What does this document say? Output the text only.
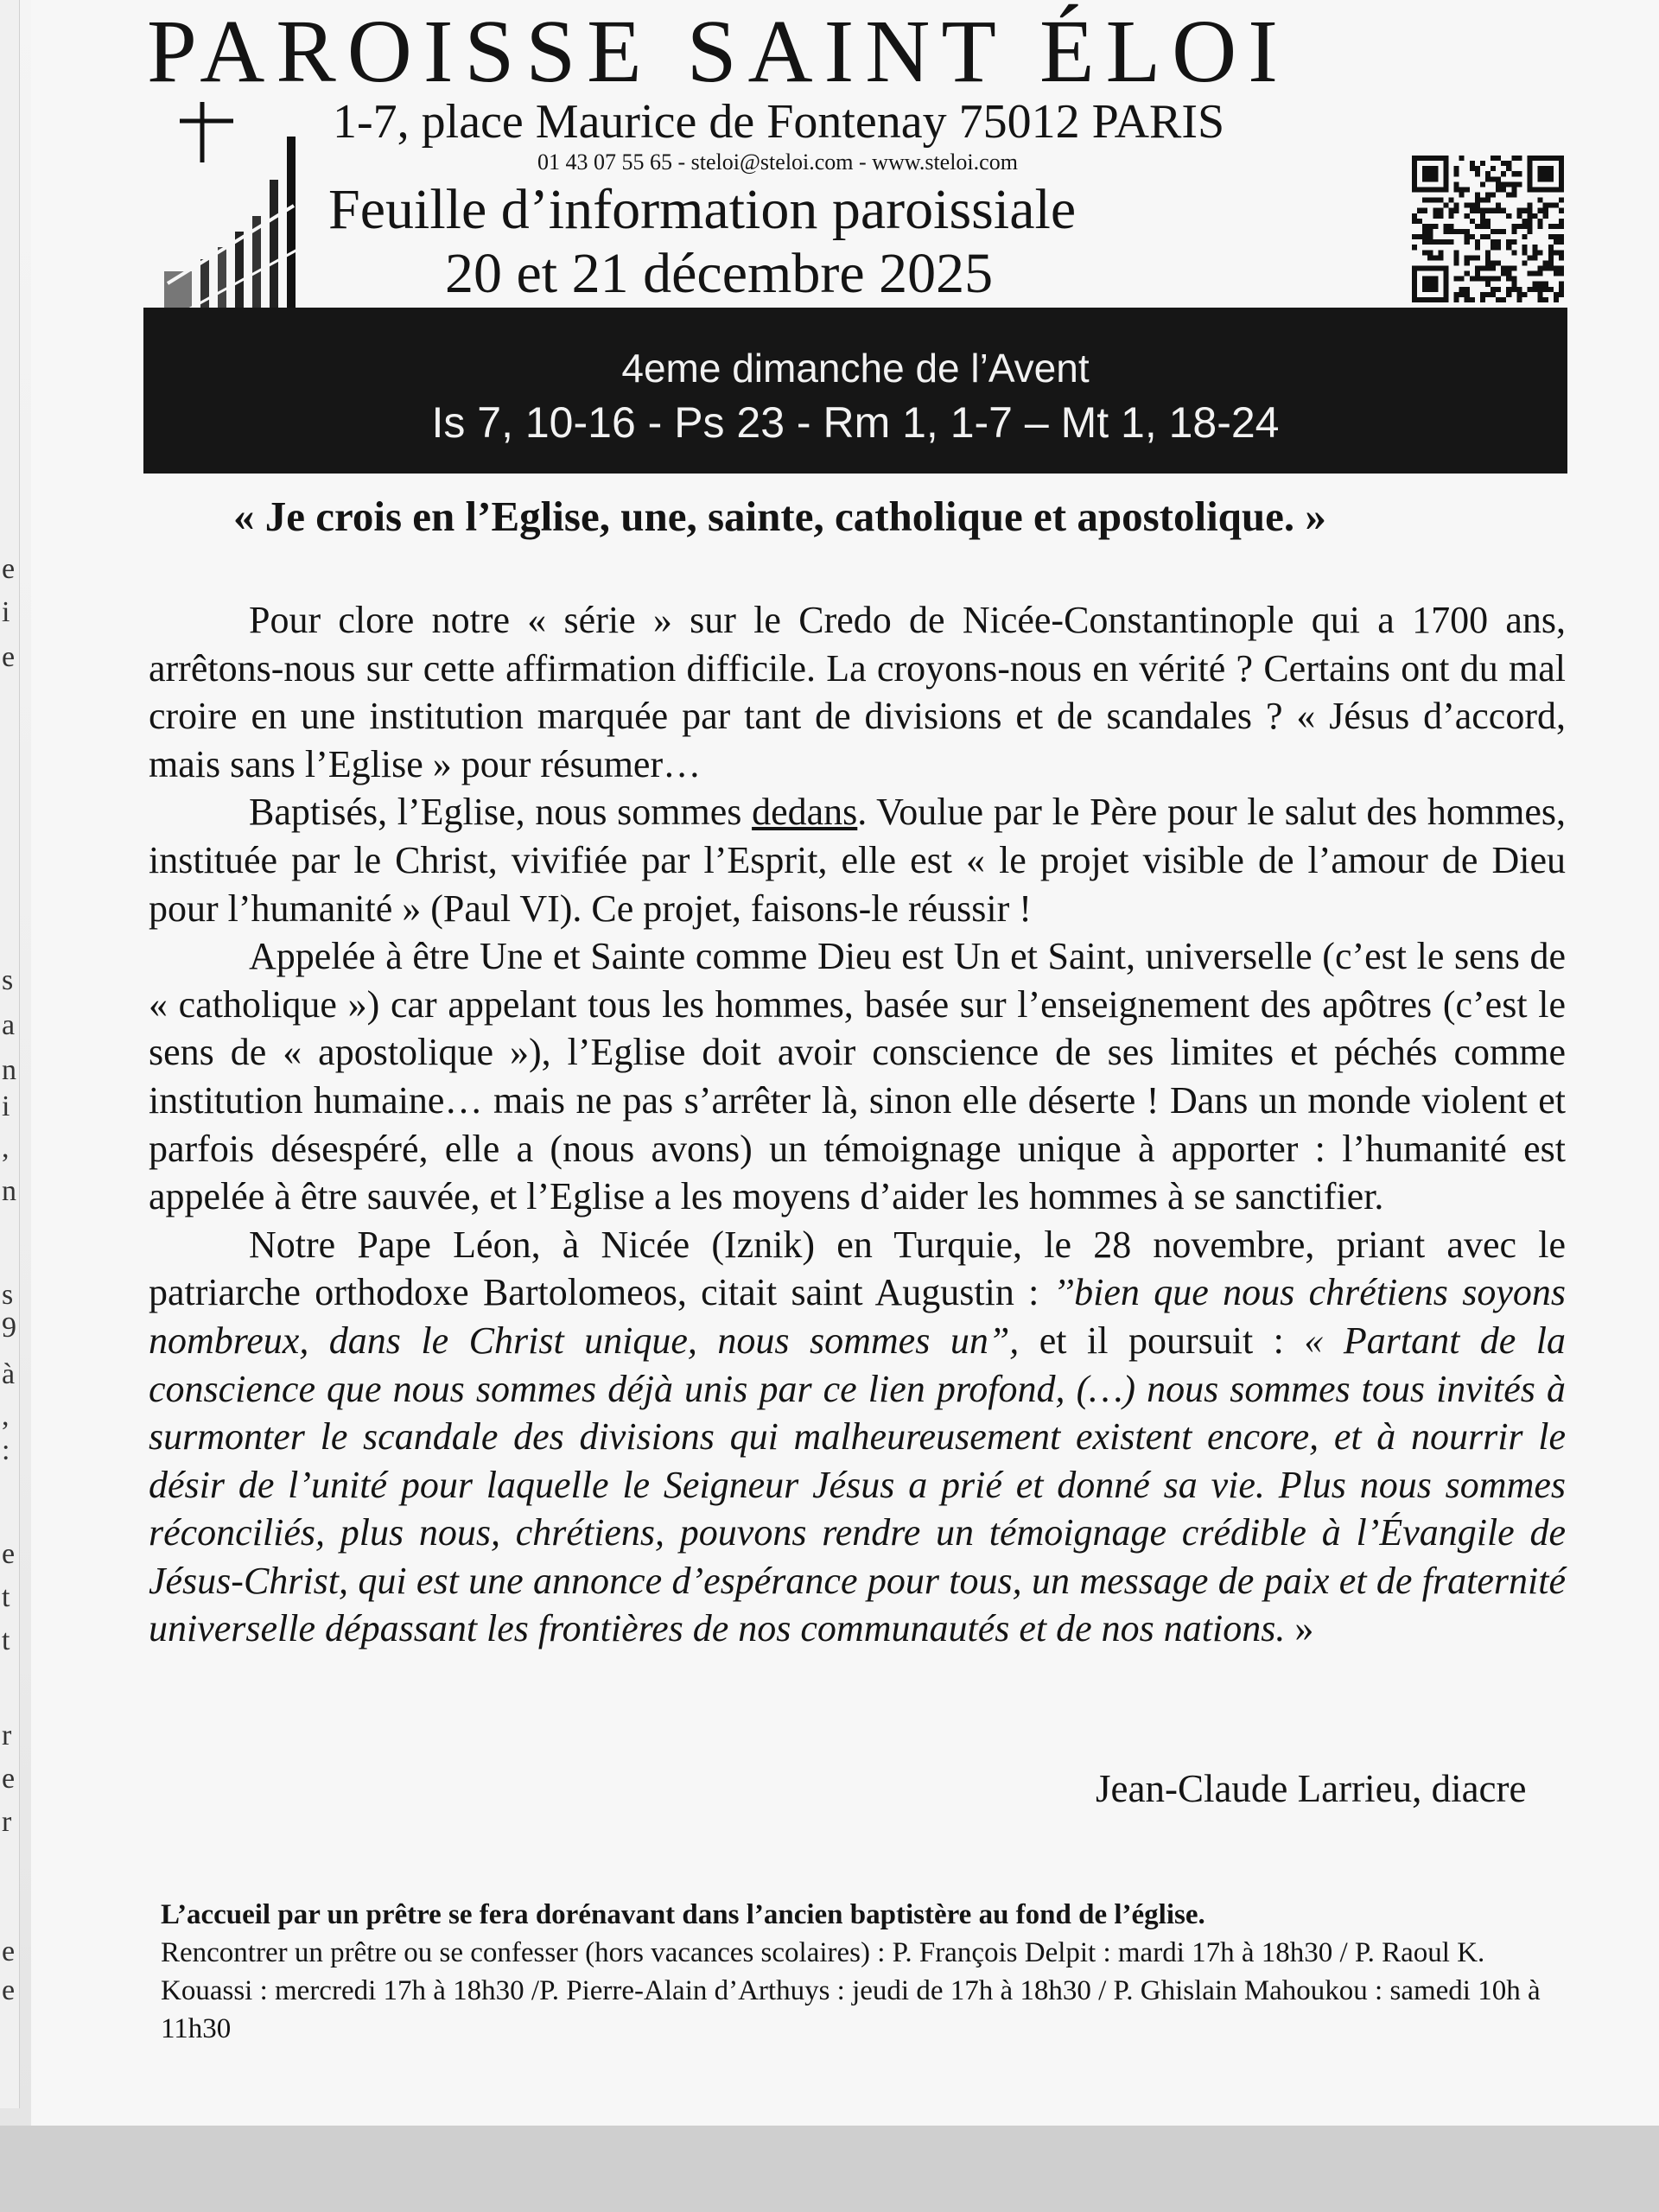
e
i
e
s
a
n
i
,
n
s
9
à
,
:
e
t
t
r
e
r
e
e
PAROISSE SAINT ÉLOI
1-7, place Maurice de Fontenay 75012 PARIS
01 43 07 55 65 - steloi@steloi.com - www.steloi.com
Feuille d’information paroissiale
20 et 21 décembre 2025
4eme dimanche de l’Avent
Is 7, 10-16 - Ps 23 - Rm 1, 1-7 – Mt 1, 18-24
« Je crois en l’Eglise, une, sainte, catholique et apostolique. »

Pour clore notre « série » sur le Credo de Nicée-Constantinople qui a 1700 ans, arrêtons-nous sur cette affirmation difficile. La croyons-nous en vérité ? Certains ont du mal croire en une institution marquée par tant de divisions et de scandales ? « Jésus d’accord, mais sans l’Eglise » pour résumer…

Baptisés, l’Eglise, nous sommes dedans. Voulue par le Père pour le salut des hommes, instituée par le Christ, vivifiée par l’Esprit, elle est « le projet visible de l’amour de Dieu pour l’humanité » (Paul VI). Ce projet, faisons-le réussir !

Appelée à être Une et Sainte comme Dieu est Un et Saint, universelle (c’est le sens de « catholique ») car appelant tous les hommes, basée sur l’enseignement des apôtres (c’est le sens de « apostolique »), l’Eglise doit avoir conscience de ses limites et péchés comme institution humaine… mais ne pas s’arrêter là, sinon elle déserte ! Dans un monde violent et parfois désespéré, elle a (nous avons) un témoignage unique à apporter : l’humanité est appelée à être sauvée, et l’Eglise a les moyens d’aider les hommes à se sanctifier.

Notre Pape Léon, à Nicée (Iznik) en Turquie, le 28 novembre, priant avec le patriarche orthodoxe Bartolomeos, citait saint Augustin : ’’bien que nous chrétiens soyons nombreux, dans le Christ unique, nous sommes un”, et il poursuit : « Partant de la conscience que nous sommes déjà unis par ce lien profond, (…) nous sommes tous invités à surmonter le scandale des divisions qui malheureusement existent encore, et à nourrir le désir de l’unité pour laquelle le Seigneur Jésus a prié et donné sa vie. Plus nous sommes réconciliés, plus nous, chrétiens, pouvons rendre un témoignage crédible à l’Évangile de Jésus-Christ, qui est une annonce d’espérance pour tous, un message de paix et de fraternité universelle dépassant les frontières de nos communautés et de nos nations. »

Jean-Claude Larrieu, diacre
L’accueil par un prêtre se fera dorénavant dans l’ancien baptistère au fond de l’église.
Rencontrer un prêtre ou se confesser (hors vacances scolaires) : P. François Delpit : mardi 17h à 18h30 / P. Raoul K. Kouassi : mercredi 17h à 18h30 /P. Pierre-Alain d’Arthuys : jeudi de 17h à 18h30 / P. Ghislain Mahoukou : samedi 10h à 11h30
